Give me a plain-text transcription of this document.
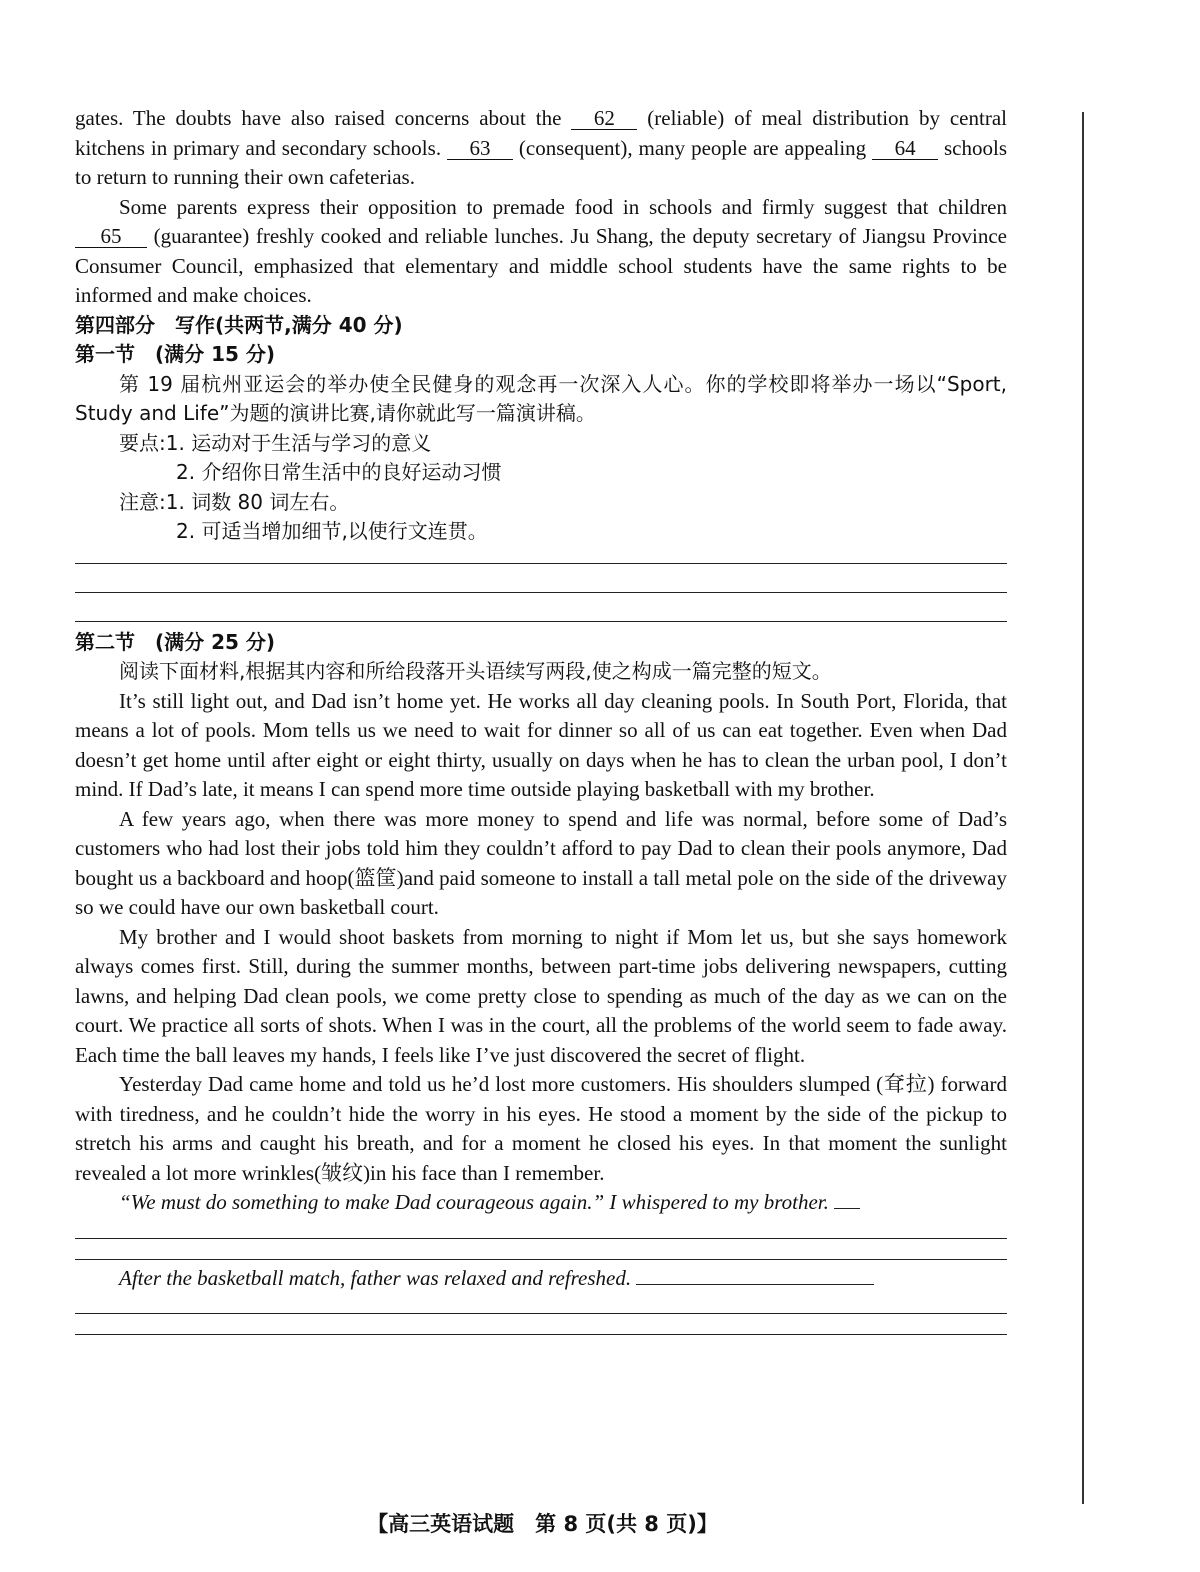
gates. The doubts have also raised concerns about the 62 (reliable) of meal distribution by central kitchens in primary and secondary schools. 63 (consequent), many people are appealing 64 schools to return to running their own cafeterias.

Some parents express their opposition to premade food in schools and firmly suggest that children 65 (guarantee) freshly cooked and reliable lunches. Ju Shang, the deputy secretary of Jiangsu Province Consumer Council, emphasized that elementary and middle school students have the same rights to be informed and make choices.

第四部分　写作(共两节,满分 40 分)
第一节　(满分 15 分)

第 19 届杭州亚运会的举办使全民健身的观念再一次深入人心。你的学校即将举办一场以“Sport, Study and Life”为题的演讲比赛,请你就此写一篇演讲稿。

要点:1. 运动对于生活与学习的意义
2. 介绍你日常生活中的良好运动习惯
注意:1. 词数 80 词左右。
2. 可适当增加细节,以使行文连贯。
第二节　(满分 25 分)

阅读下面材料,根据其内容和所给段落开头语续写两段,使之构成一篇完整的短文。

It’s still light out, and Dad isn’t home yet. He works all day cleaning pools. In South Port, Florida, that means a lot of pools. Mom tells us we need to wait for dinner so all of us can eat together. Even when Dad doesn’t get home until after eight or eight thirty, usually on days when he has to clean the urban pool, I don’t mind. If Dad’s late, it means I can spend more time outside playing basketball with my brother.

A few years ago, when there was more money to spend and life was normal, before some of Dad’s customers who had lost their jobs told him they couldn’t afford to pay Dad to clean their pools anymore, Dad bought us a backboard and hoop(篮筐)and paid someone to install a tall metal pole on the side of the driveway so we could have our own basketball court.

My brother and I would shoot baskets from morning to night if Mom let us, but she says homework always comes first. Still, during the summer months, between part-time jobs delivering newspapers, cutting lawns, and helping Dad clean pools, we come pretty close to spending as much of the day as we can on the court. We practice all sorts of shots. When I was in the court, all the problems of the world seem to fade away. Each time the ball leaves my hands, I feels like I’ve just discovered the secret of flight.

Yesterday Dad came home and told us he’d lost more customers. His shoulders slumped (耷拉) forward with tiredness, and he couldn’t hide the worry in his eyes. He stood a moment by the side of the pickup to stretch his arms and caught his breath, and for a moment he closed his eyes. In that moment the sunlight revealed a lot more wrinkles(皱纹)in his face than I remember.

“We must do something to make Dad courageous again.” I whispered to my brother.

After the basketball match, father was relaxed and refreshed.

【高三英语试题　第 8 页(共 8 页)】
